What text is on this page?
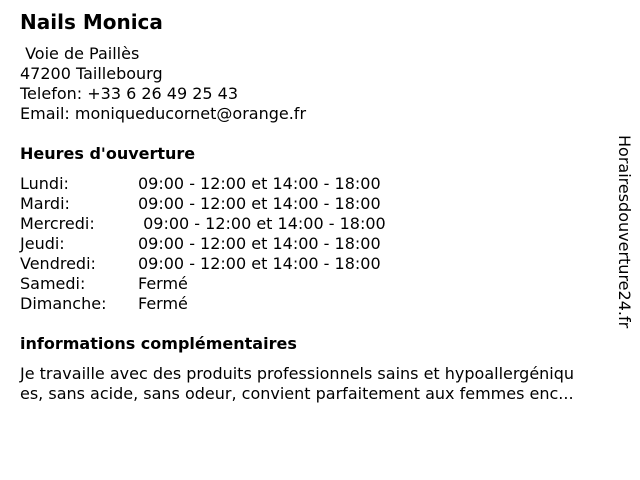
Nails Monica
Voie de Paillès
47200 Taillebourg
Telefon: +33 6 26 49 25 43
Email: moniqueducornet@orange.fr
Heures d'ouverture
Lundi:	09:00 - 12:00 et 14:00 - 18:00
Mardi:	09:00 - 12:00 et 14:00 - 18:00
Mercredi:	09:00 - 12:00 et 14:00 - 18:00
Jeudi:	09:00 - 12:00 et 14:00 - 18:00
Vendredi:	09:00 - 12:00 et 14:00 - 18:00
Samedi:	Fermé
Dimanche:	Fermé
informations complémentaires
Je travaille avec des produits professionnels sains et hypoallergéniqu
es, sans acide, sans odeur, convient parfaitement aux femmes enc...
Horairesdouverture24.fr
